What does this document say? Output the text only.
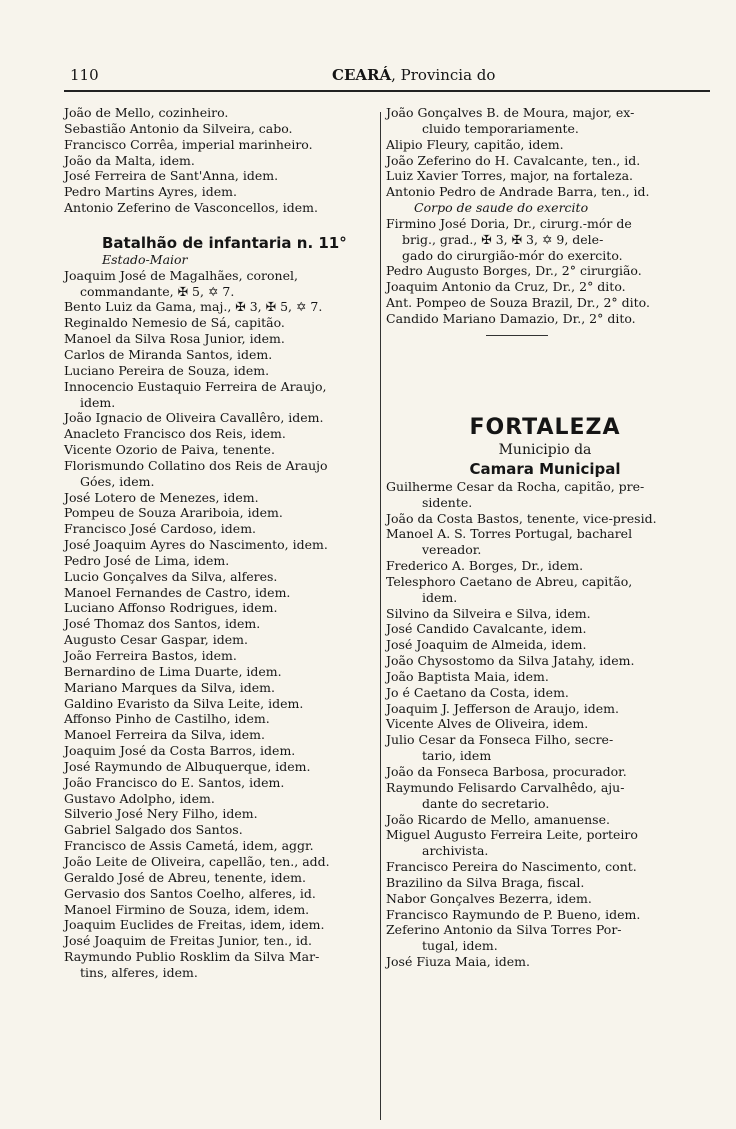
110	CEARÁ, Provincia do
João de Mello, cozinheiro.
Sebastião Antonio da Silveira, cabo.
Francisco Corrêa, imperial marinheiro.
João da Malta, idem.
José Ferreira de Sant'Anna, idem.
Pedro Martins Ayres, idem.
Antonio Zeferino de Vasconcellos, idem.
Batalhão de infantaria n. 11°
Estado-Maior
Joaquim José de Magalhães, coronel,
commandante, ✠ 5, ✡ 7.
Bento Luiz da Gama, maj., ✠ 3, ✠ 5, ✡ 7.
Reginaldo Nemesio de Sá, capitão.
Manoel da Silva Rosa Junior, idem.
Carlos de Miranda Santos, idem.
Luciano Pereira de Souza, idem.
Innocencio Eustaquio Ferreira de Araujo,
idem.
João Ignacio de Oliveira Cavallêro, idem.
Anacleto Francisco dos Reis, idem.
Vicente Ozorio de Paiva, tenente.
Florismundo Collatino dos Reis de Araujo
Góes, idem.
José Lotero de Menezes, idem.
Pompeu de Souza Arariboia, idem.
Francisco José Cardoso, idem.
José Joaquim Ayres do Nascimento, idem.
Pedro José de Lima, idem.
Lucio Gonçalves da Silva, alferes.
Manoel Fernandes de Castro, idem.
Luciano Affonso Rodrigues, idem.
José Thomaz dos Santos, idem.
Augusto Cesar Gaspar, idem.
João Ferreira Bastos, idem.
Bernardino de Lima Duarte, idem.
Mariano Marques da Silva, idem.
Galdino Evaristo da Silva Leite, idem.
Affonso Pinho de Castilho, idem.
Manoel Ferreira da Silva, idem.
Joaquim José da Costa Barros, idem.
José Raymundo de Albuquerque, idem.
João Francisco do E. Santos, idem.
Gustavo Adolpho, idem.
Silverio José Nery Filho, idem.
Gabriel Salgado dos Santos.
Francisco de Assis Cametá, idem, aggr.
João Leite de Oliveira, capellão, ten., add.
Geraldo José de Abreu, tenente, idem.
Gervasio dos Santos Coelho, alferes, id.
Manoel Firmino de Souza, idem, idem.
Joaquim Euclides de Freitas, idem, idem.
José Joaquim de Freitas Junior, ten., id.
Raymundo Publio Rosklim da Silva Mar-
tins, alferes, idem.
João Gonçalves B. de Moura, major, ex-
cluido temporariamente.
Alipio Fleury, capitão, idem.
João Zeferino do H. Cavalcante, ten., id.
Luiz Xavier Torres, major, na fortaleza.
Antonio Pedro de Andrade Barra, ten., id.
Corpo de saude do exercito
Firmino José Doria, Dr., cirurg.-mór de
brig., grad., ✠ 3, ✠ 3, ✡ 9, dele-
gado do cirurgião-mór do exercito.
Pedro Augusto Borges, Dr., 2° cirurgião.
Joaquim Antonio da Cruz, Dr., 2° dito.
Ant. Pompeo de Souza Brazil, Dr., 2° dito.
Candido Mariano Damazio, Dr., 2° dito.
FORTALEZA
Municipio da
Camara Municipal
Guilherme Cesar da Rocha, capitão, pre-
sidente.
João da Costa Bastos, tenente, vice-presid.
Manoel A. S. Torres Portugal, bacharel
vereador.
Frederico A. Borges, Dr., idem.
Telesphoro Caetano de Abreu, capitão,
idem.
Silvino da Silveira e Silva, idem.
José Candido Cavalcante, idem.
José Joaquim de Almeida, idem.
João Chysostomo da Silva Jatahy, idem.
João Baptista Maia, idem.
Jo é Caetano da Costa, idem.
Joaquim J. Jefferson de Araujo, idem.
Vicente Alves de Oliveira, idem.
Julio Cesar da Fonseca Filho, secre-
tario, idem
João da Fonseca Barbosa, procurador.
Raymundo Felisardo Carvalhêdo, aju-
dante do secretario.
João Ricardo de Mello, amanuense.
Miguel Augusto Ferreira Leite, porteiro
archivista.
Francisco Pereira do Nascimento, cont.
Brazilino da Silva Braga, fiscal.
Nabor Gonçalves Bezerra, idem.
Francisco Raymundo de P. Bueno, idem.
Zeferino Antonio da Silva Torres Por-
tugal, idem.
José Fiuza Maia, idem.
